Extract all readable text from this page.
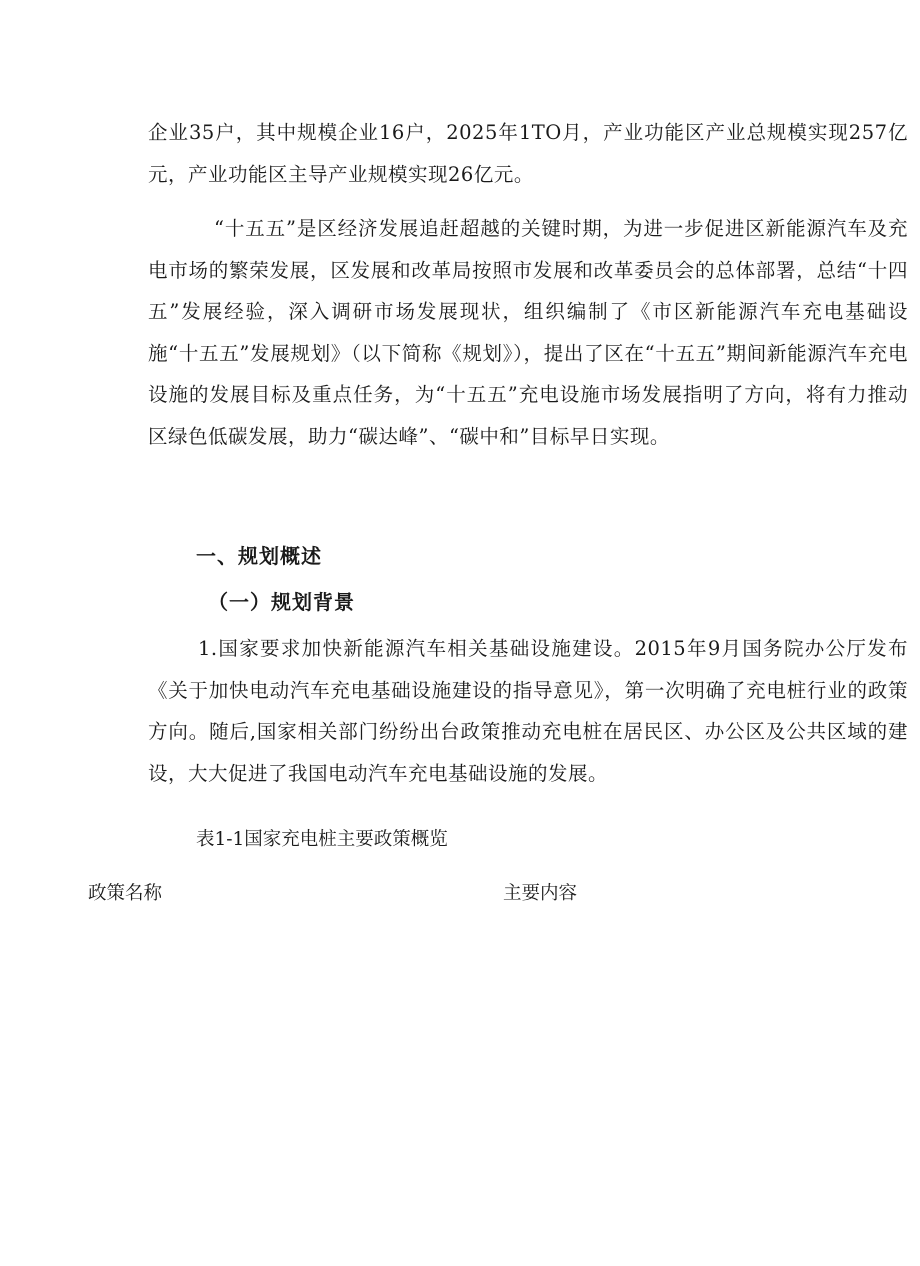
企业35户，其中规模企业16户，2025年1TO月，产业功能区产业总规模实现257亿元，产业功能区主导产业规模实现26亿元。

“十五五”是区经济发展追赶超越的关键时期，为进一步促进区新能源汽车及充电市场的繁荣发展，区发展和改革局按照市发展和改革委员会的总体部署，总结“十四五”发展经验，深入调研市场发展现状，组织编制了《市区新能源汽车充电基础设施“十五五”发展规划》（以下简称《规划》），提出了区在“十五五”期间新能源汽车充电设施的发展目标及重点任务，为“十五五”充电设施市场发展指明了方向，将有力推动区绿色低碳发展，助力“碳达峰”、“碳中和”目标早日实现。

一、规划概述
（一）规划背景

1.国家要求加快新能源汽车相关基础设施建设。2015年9月国务院办公厅发布《关于加快电动汽车充电基础设施建设的指导意见》，第一次明确了充电桩行业的政策方向。随后,国家相关部门纷纷出台政策推动充电桩在居民区、办公区及公共区域的建设，大大促进了我国电动汽车充电基础设施的发展。

表1-1国家充电桩主要政策概览

政策名称	主要内容
